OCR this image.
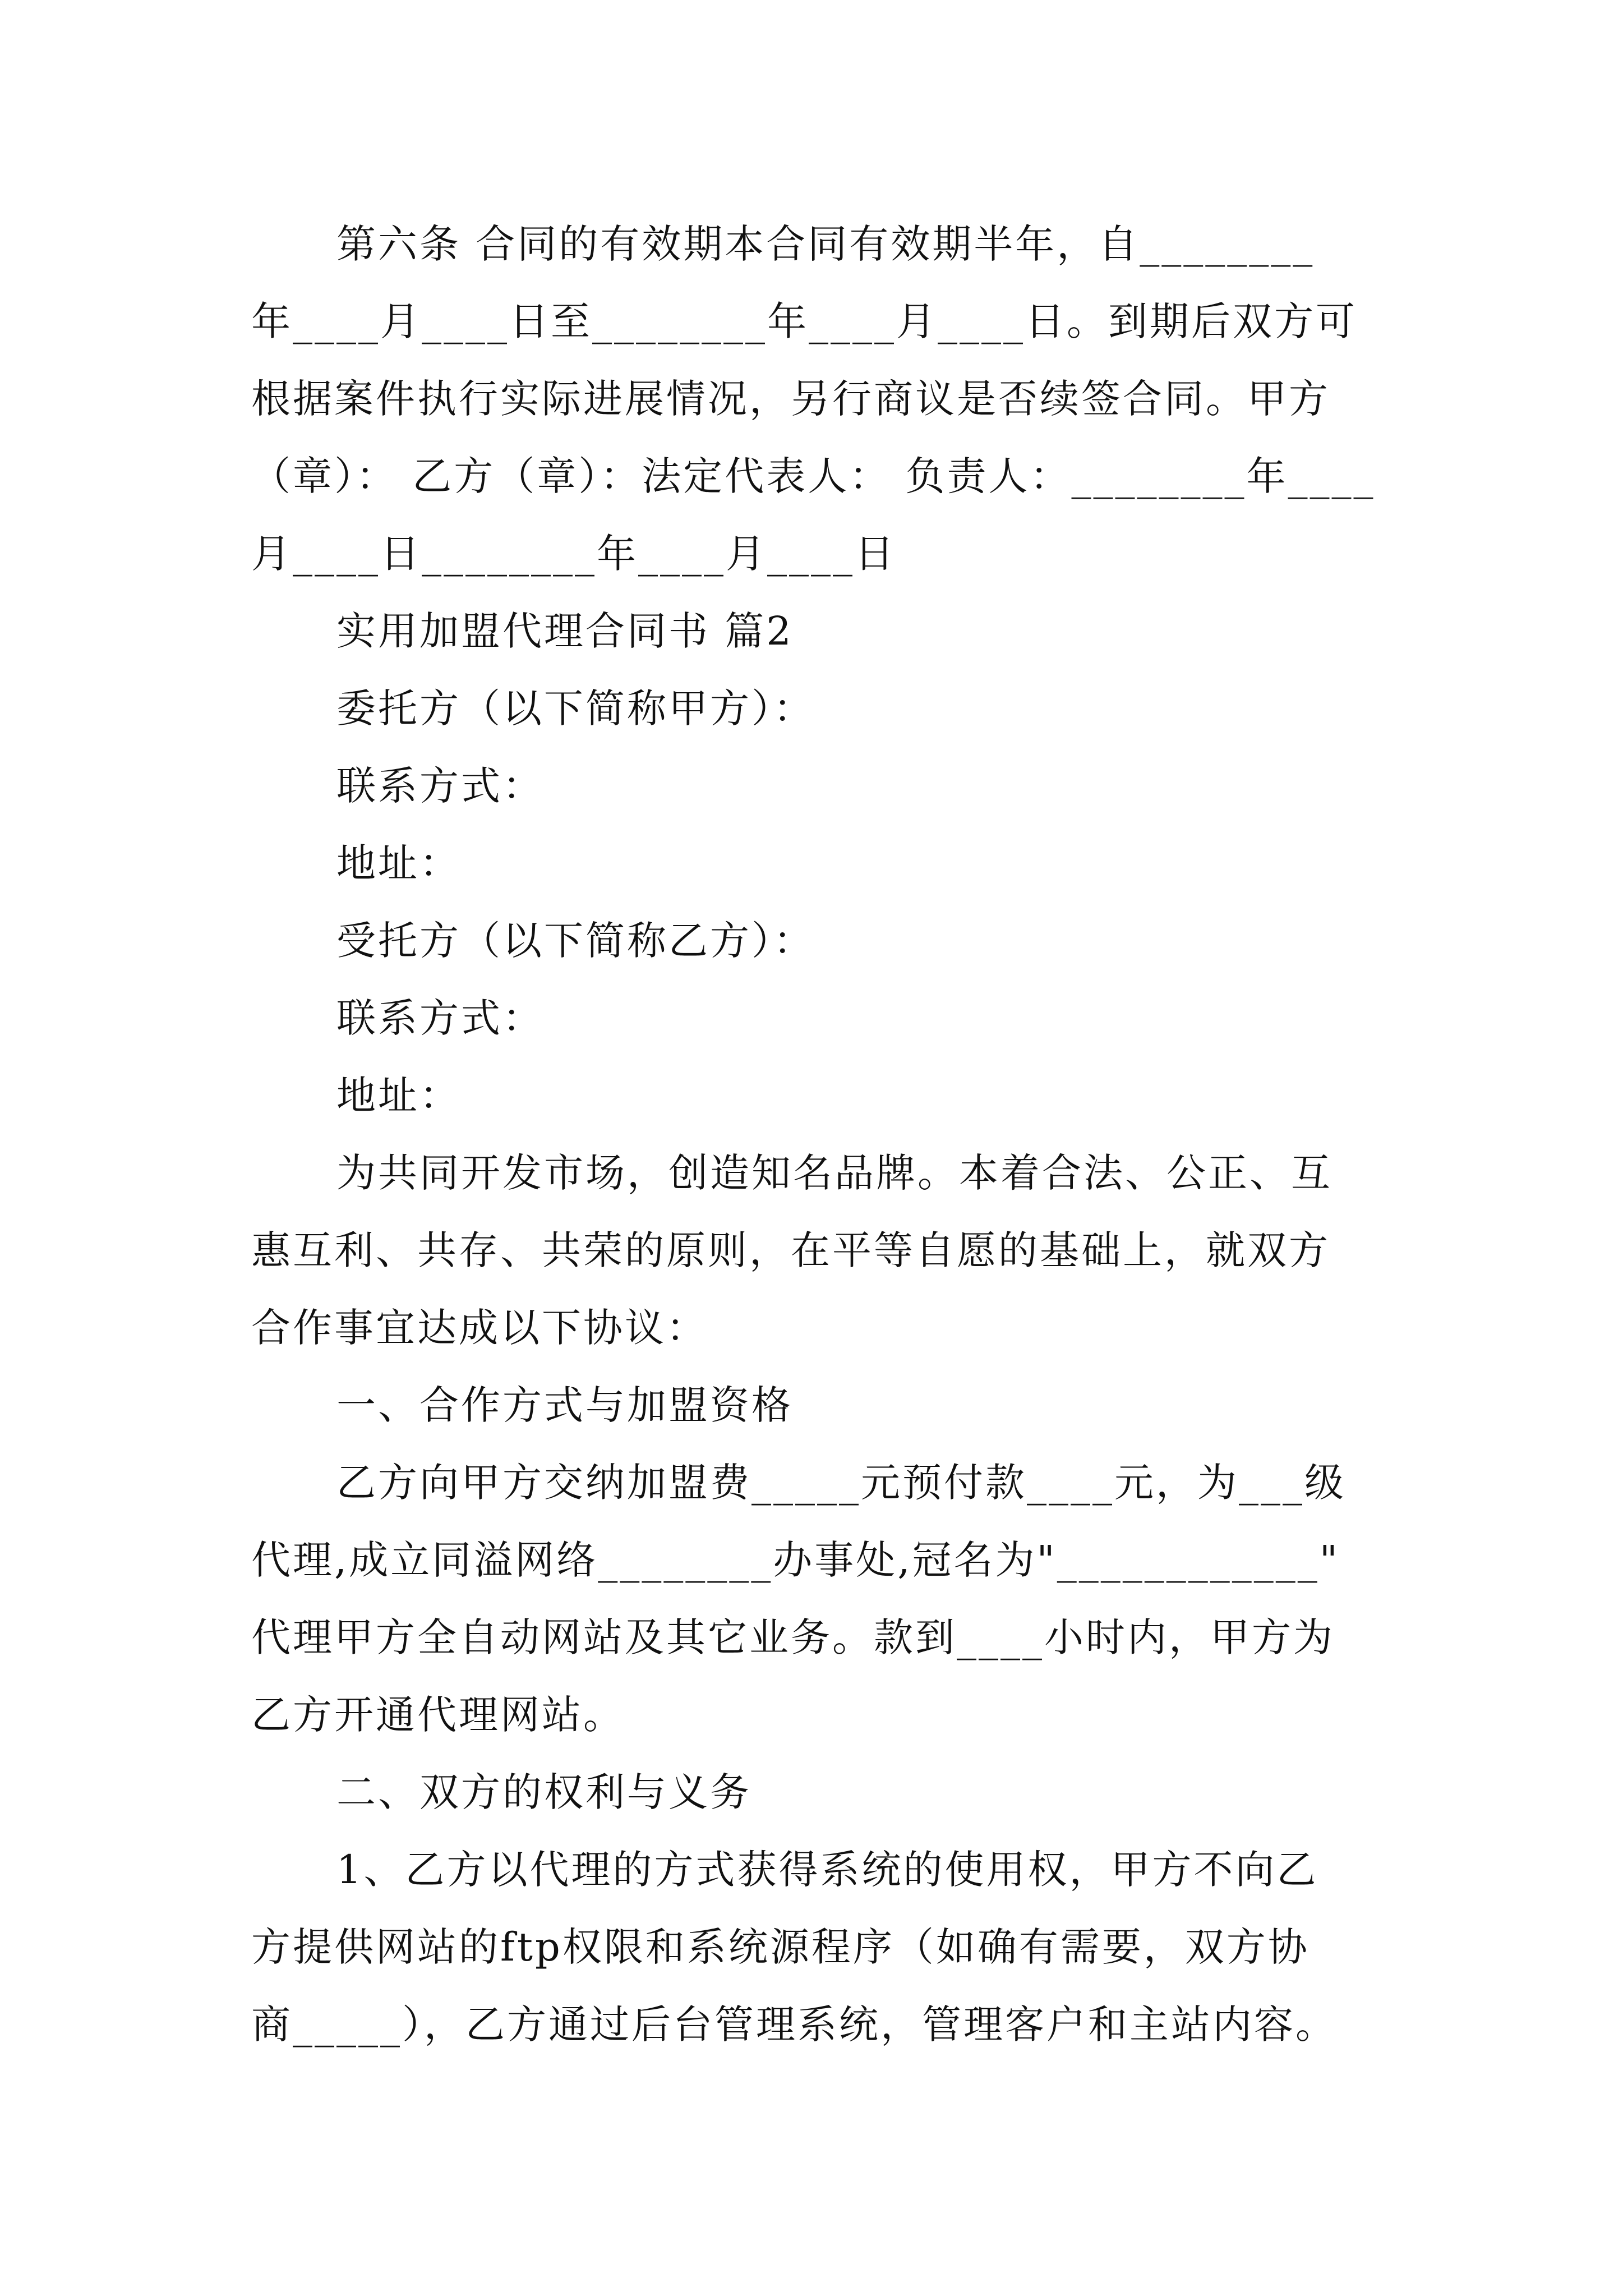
第六条 合同的有效期本合同有效期半年，自________
年____月____日至________年____月____日。到期后双方可
根据案件执行实际进展情况，另行商议是否续签合同。甲方
（章）： 乙方（章）：法定代表人： 负责人：________年____
月____日________年____月____日
实用加盟代理合同书 篇2
委托方（以下简称甲方）：
联系方式：
地址：
受托方（以下简称乙方）：
联系方式：
地址：
为共同开发市场，创造知名品牌。本着合法、公正、互
惠互利、共存、共荣的原则，在平等自愿的基础上，就双方
合作事宜达成以下协议：
一、合作方式与加盟资格
乙方向甲方交纳加盟费_____元预付款____元，为___级
代理,成立同溢网络________办事处,冠名为"____________"
代理甲方全自动网站及其它业务。款到____小时内，甲方为
乙方开通代理网站。
二、双方的权利与义务
1、乙方以代理的方式获得系统的使用权，甲方不向乙
方提供网站的ftp权限和系统源程序（如确有需要，双方协
商_____），乙方通过后台管理系统，管理客户和主站内容。
